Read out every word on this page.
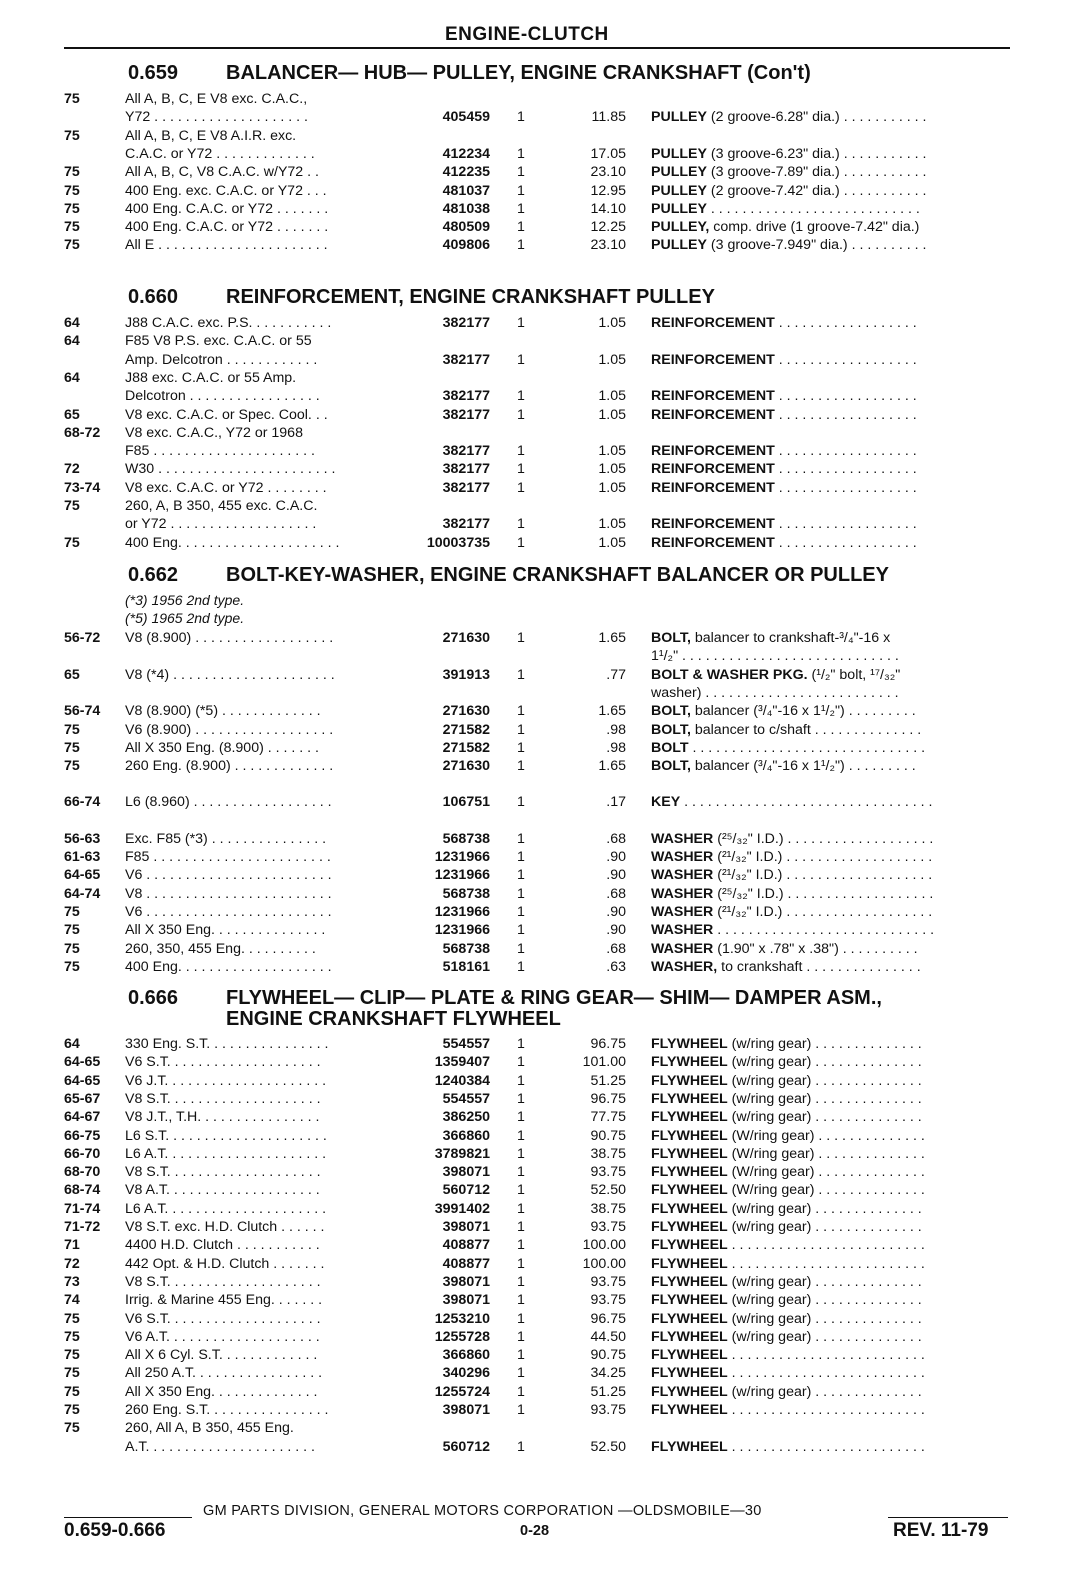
ENGINE-CLUTCH
0.659 BALANCER— HUB— PULLEY, ENGINE CRANKSHAFT (Con't)
75	All A, B, C, E V8 exc. C.A.C.,
Y72 . . . . . . . . . . . . . . . . . . . .	405459 1	11.85 PULLEY (2 groove-6.28" dia.) . . . . . . . . . . .
75	All A, B, C, E V8 A.I.R. exc.
C.A.C. or Y72 . . . . . . . . . . . . .	412234 1	17.05 PULLEY (3 groove-6.23" dia.) . . . . . . . . . . .
75	All A, B, C, V8 C.A.C. w/Y72 . .	412235 1	23.10 PULLEY (3 groove-7.89" dia.) . . . . . . . . . . .
75	400 Eng. exc. C.A.C. or Y72 . . .	481037 1	12.95 PULLEY (2 groove-7.42" dia.) . . . . . . . . . . .
75	400 Eng. C.A.C. or Y72 . . . . . . .	481038 1	14.10 PULLEY . . . . . . . . . . . . . . . . . . . . . . . . . . .
75	400 Eng. C.A.C. or Y72 . . . . . . .	480509 1	12.25 PULLEY, comp. drive (1 groove-7.42" dia.)
75	All E . . . . . . . . . . . . . . . . . . . . . .	409806 1	23.10 PULLEY (3 groove-7.949" dia.) . . . . . . . . . .
0.660 REINFORCEMENT, ENGINE CRANKSHAFT PULLEY
64	J88 C.A.C. exc. P.S. . . . . . . . . . .	382177 1	1.05 REINFORCEMENT . . . . . . . . . . . . . . . . . .
64	F85 V8 P.S. exc. C.A.C. or 55
Amp. Delcotron . . . . . . . . . . . .	382177 1	1.05 REINFORCEMENT . . . . . . . . . . . . . . . . . .
64	J88 exc. C.A.C. or 55 Amp.
Delcotron . . . . . . . . . . . . . . . . .	382177 1	1.05 REINFORCEMENT . . . . . . . . . . . . . . . . . .
65	V8 exc. C.A.C. or Spec. Cool. . .	382177 1	1.05 REINFORCEMENT . . . . . . . . . . . . . . . . . .
68-72 V8 exc. C.A.C., Y72 or 1968
F85 . . . . . . . . . . . . . . . . . . . . .	382177 1	1.05 REINFORCEMENT . . . . . . . . . . . . . . . . . .
72	W30 . . . . . . . . . . . . . . . . . . . . . . .	382177 1	1.05 REINFORCEMENT . . . . . . . . . . . . . . . . . .
73-74 V8 exc. C.A.C. or Y72 . . . . . . . .	382177 1	1.05 REINFORCEMENT . . . . . . . . . . . . . . . . . .
75	260, A, B 350, 455 exc. C.A.C.
or Y72 . . . . . . . . . . . . . . . . . . .	382177 1	1.05 REINFORCEMENT . . . . . . . . . . . . . . . . . .
75	400 Eng. . . . . . . . . . . . . . . . . . . . .	10003735 1	1.05 REINFORCEMENT . . . . . . . . . . . . . . . . . .
0.662 BOLT-KEY-WASHER, ENGINE CRANKSHAFT BALANCER OR PULLEY
(*3) 1956 2nd type.
(*5) 1965 2nd type.
56-72 V8 (8.900) . . . . . . . . . . . . . . . . . .	271630 1	1.65 BOLT, balancer to crankshaft-³/₄"-16 x
1¹/₂" . . . . . . . . . . . . . . . . . . . . . . . . . . . .
65	V8 (*4) . . . . . . . . . . . . . . . . . . . . .	391913 1	.77 BOLT & WASHER PKG. (¹/₂" bolt, ¹⁷/₃₂"
washer) . . . . . . . . . . . . . . . . . . . . . . . . .
56-74 V8 (8.900) (*5) . . . . . . . . . . . . .	271630 1	1.65 BOLT, balancer (³/₄"-16 x 1¹/₂") . . . . . . . . .
75	V6 (8.900) . . . . . . . . . . . . . . . . . .	271582 1	.98 BOLT, balancer to c/shaft . . . . . . . . . . . . . .
75	All X 350 Eng. (8.900) . . . . . . .	271582 1	.98 BOLT . . . . . . . . . . . . . . . . . . . . . . . . . . . . . .
75	260 Eng. (8.900) . . . . . . . . . . . . .	271630 1	1.65 BOLT, balancer (³/₄"-16 x 1¹/₂") . . . . . . . . .
66-74 L6 (8.960) . . . . . . . . . . . . . . . . . .	106751 1	.17 KEY . . . . . . . . . . . . . . . . . . . . . . . . . . . . . . . .
56-63 Exc. F85 (*3) . . . . . . . . . . . . . . .	568738 1	.68 WASHER (²⁵/₃₂" I.D.) . . . . . . . . . . . . . . . . . . .
61-63 F85 . . . . . . . . . . . . . . . . . . . . . . .	1231966 1	.90 WASHER (²¹/₃₂" I.D.) . . . . . . . . . . . . . . . . . . .
64-65 V6 . . . . . . . . . . . . . . . . . . . . . . . .	1231966 1	.90 WASHER (²¹/₃₂" I.D.) . . . . . . . . . . . . . . . . . . .
64-74 V8 . . . . . . . . . . . . . . . . . . . . . . . .	568738 1	.68 WASHER (²⁵/₃₂" I.D.) . . . . . . . . . . . . . . . . . . .
75	V6 . . . . . . . . . . . . . . . . . . . . . . . .	1231966 1	.90 WASHER (²¹/₃₂" I.D.) . . . . . . . . . . . . . . . . . . .
75	All X 350 Eng. . . . . . . . . . . . . . .	1231966 1	.90 WASHER . . . . . . . . . . . . . . . . . . . . . . . . . . . .
75	260, 350, 455 Eng. . . . . . . . . .	568738 1	.68 WASHER (1.90" x .78" x .38") . . . . . . . . . .
75	400 Eng. . . . . . . . . . . . . . . . . . . .	518161 1	.63 WASHER, to crankshaft . . . . . . . . . . . . . . .
0.666 FLYWHEEL— CLIP— PLATE & RING GEAR— SHIM— DAMPER ASM.,
ENGINE CRANKSHAFT FLYWHEEL
64	330 Eng. S.T. . . . . . . . . . . . . . . .	554557 1	96.75 FLYWHEEL (w/ring gear) . . . . . . . . . . . . . .
64-65 V6 S.T. . . . . . . . . . . . . . . . . . . .	1359407 1	101.00 FLYWHEEL (w/ring gear) . . . . . . . . . . . . . .
64-65 V6 J.T. . . . . . . . . . . . . . . . . . . . .	1240384 1	51.25 FLYWHEEL (w/ring gear) . . . . . . . . . . . . . .
65-67 V8 S.T. . . . . . . . . . . . . . . . . . . .	554557 1	96.75 FLYWHEEL (w/ring gear) . . . . . . . . . . . . . .
64-67 V8 J.T., T.H. . . . . . . . . . . . . . . .	386250 1	77.75 FLYWHEEL (w/ring gear) . . . . . . . . . . . . . .
66-75 L6 S.T. . . . . . . . . . . . . . . . . . . . .	366860 1	90.75 FLYWHEEL (W/ring gear) . . . . . . . . . . . . . .
66-70 L6 A.T. . . . . . . . . . . . . . . . . . . . .	3789821 1	38.75 FLYWHEEL (W/ring gear) . . . . . . . . . . . . . .
68-70 V8 S.T. . . . . . . . . . . . . . . . . . . .	398071 1	93.75 FLYWHEEL (W/ring gear) . . . . . . . . . . . . . .
68-74 V8 A.T. . . . . . . . . . . . . . . . . . . .	560712 1	52.50 FLYWHEEL (W/ring gear) . . . . . . . . . . . . . .
71-74 L6 A.T. . . . . . . . . . . . . . . . . . . . .	3991402 1	38.75 FLYWHEEL (w/ring gear) . . . . . . . . . . . . . .
71-72 V8 S.T. exc. H.D. Clutch . . . . . .	398071 1	93.75 FLYWHEEL (w/ring gear) . . . . . . . . . . . . . .
71	4400 H.D. Clutch . . . . . . . . . . .	408877 1	100.00 FLYWHEEL . . . . . . . . . . . . . . . . . . . . . . . . .
72	442 Opt. & H.D. Clutch . . . . . . .	408877 1	100.00 FLYWHEEL . . . . . . . . . . . . . . . . . . . . . . . . .
73	V8 S.T. . . . . . . . . . . . . . . . . . . .	398071 1	93.75 FLYWHEEL (w/ring gear) . . . . . . . . . . . . . .
74	Irrig. & Marine 455 Eng. . . . . . .	398071 1	93.75 FLYWHEEL (w/ring gear) . . . . . . . . . . . . . .
75	V6 S.T. . . . . . . . . . . . . . . . . . . .	1253210 1	96.75 FLYWHEEL (w/ring gear) . . . . . . . . . . . . . .
75	V6 A.T. . . . . . . . . . . . . . . . . . . .	1255728 1	44.50 FLYWHEEL (w/ring gear) . . . . . . . . . . . . . .
75	All X 6 Cyl. S.T. . . . . . . . . . . . .	366860 1	90.75 FLYWHEEL . . . . . . . . . . . . . . . . . . . . . . . . .
75	All 250 A.T. . . . . . . . . . . . . . . . .	340296 1	34.25 FLYWHEEL . . . . . . . . . . . . . . . . . . . . . . . . .
75	All X 350 Eng. . . . . . . . . . . . . .	1255724 1	51.25 FLYWHEEL (w/ring gear) . . . . . . . . . . . . . .
75	260 Eng. S.T. . . . . . . . . . . . . . . .	398071 1	93.75 FLYWHEEL . . . . . . . . . . . . . . . . . . . . . . . . .
75	260, All A, B 350, 455 Eng.
A.T. . . . . . . . . . . . . . . . . . . . . .	560712 1	52.50 FLYWHEEL . . . . . . . . . . . . . . . . . . . . . . . . .
GM PARTS DIVISION, GENERAL MOTORS CORPORATION —OLDSMOBILE—30
0.659-0.666	0-28	REV. 11-79
